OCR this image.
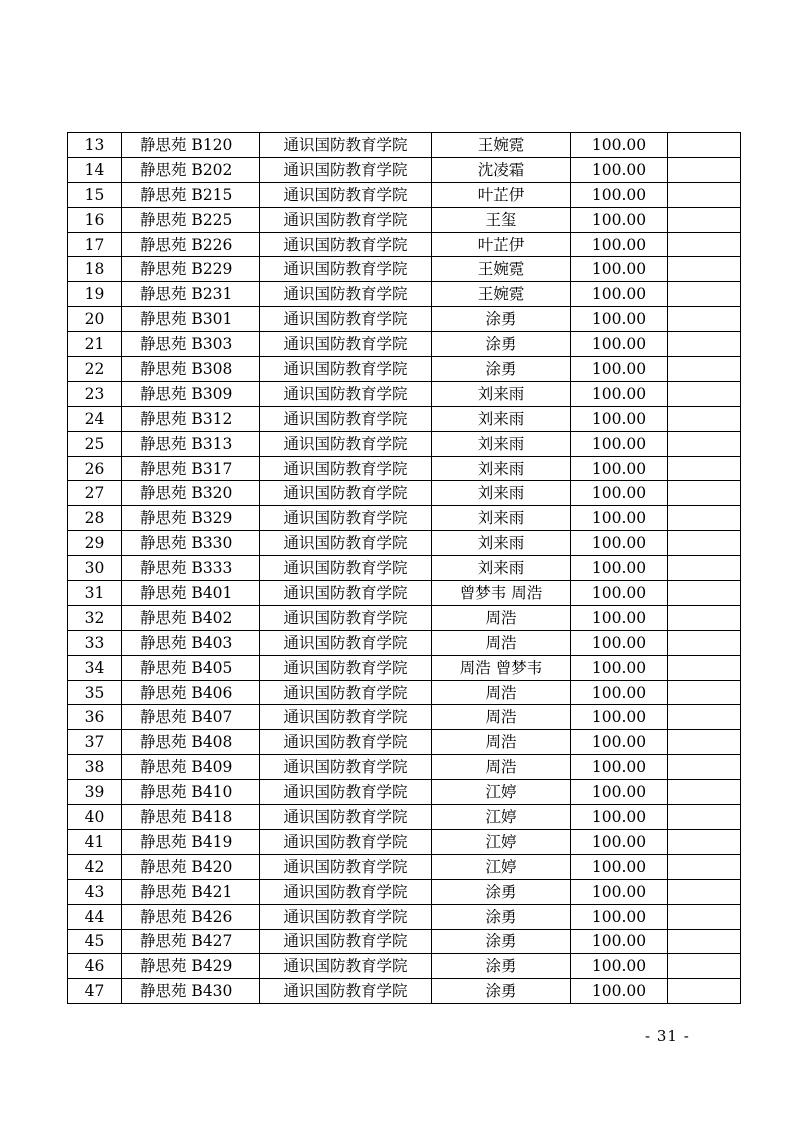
13	静思苑 B120	通识国防教育学院	王婉霓	100.00	
14	静思苑 B202	通识国防教育学院	沈凌霜	100.00	
15	静思苑 B215	通识国防教育学院	叶芷伊	100.00	
16	静思苑 B225	通识国防教育学院	王玺	100.00	
17	静思苑 B226	通识国防教育学院	叶芷伊	100.00	
18	静思苑 B229	通识国防教育学院	王婉霓	100.00	
19	静思苑 B231	通识国防教育学院	王婉霓	100.00	
20	静思苑 B301	通识国防教育学院	涂勇	100.00	
21	静思苑 B303	通识国防教育学院	涂勇	100.00	
22	静思苑 B308	通识国防教育学院	涂勇	100.00	
23	静思苑 B309	通识国防教育学院	刘来雨	100.00	
24	静思苑 B312	通识国防教育学院	刘来雨	100.00	
25	静思苑 B313	通识国防教育学院	刘来雨	100.00	
26	静思苑 B317	通识国防教育学院	刘来雨	100.00	
27	静思苑 B320	通识国防教育学院	刘来雨	100.00	
28	静思苑 B329	通识国防教育学院	刘来雨	100.00	
29	静思苑 B330	通识国防教育学院	刘来雨	100.00	
30	静思苑 B333	通识国防教育学院	刘来雨	100.00	
31	静思苑 B401	通识国防教育学院	曾梦韦 周浩	100.00	
32	静思苑 B402	通识国防教育学院	周浩	100.00	
33	静思苑 B403	通识国防教育学院	周浩	100.00	
34	静思苑 B405	通识国防教育学院	周浩 曾梦韦	100.00	
35	静思苑 B406	通识国防教育学院	周浩	100.00	
36	静思苑 B407	通识国防教育学院	周浩	100.00	
37	静思苑 B408	通识国防教育学院	周浩	100.00	
38	静思苑 B409	通识国防教育学院	周浩	100.00	
39	静思苑 B410	通识国防教育学院	江婷	100.00	
40	静思苑 B418	通识国防教育学院	江婷	100.00	
41	静思苑 B419	通识国防教育学院	江婷	100.00	
42	静思苑 B420	通识国防教育学院	江婷	100.00	
43	静思苑 B421	通识国防教育学院	涂勇	100.00	
44	静思苑 B426	通识国防教育学院	涂勇	100.00	
45	静思苑 B427	通识国防教育学院	涂勇	100.00	
46	静思苑 B429	通识国防教育学院	涂勇	100.00	
47	静思苑 B430	通识国防教育学院	涂勇	100.00	
- 31 -
